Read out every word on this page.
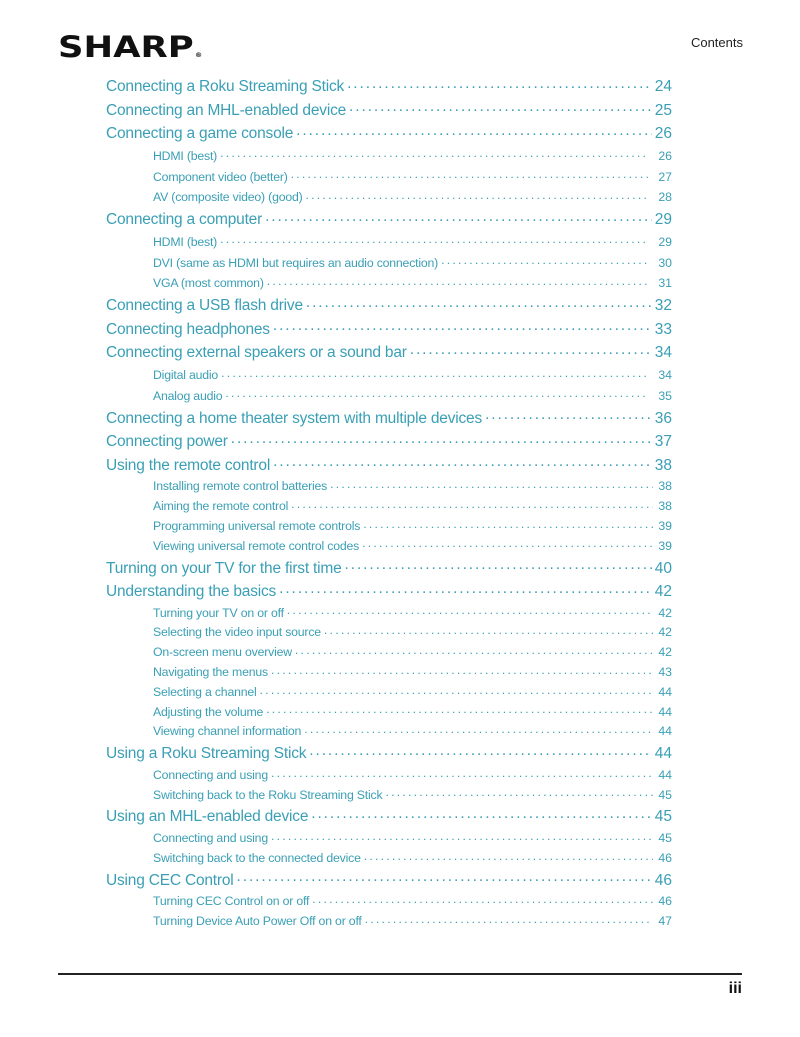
SHARP®
Contents
Connecting a Roku Streaming Stick . . .	24
Connecting an MHL-enabled device . . .	25
Connecting a game console . . .	26
HDMI (best) . . .	26
Component video (better) . . .	27
AV (composite video) (good) . . .	28
Connecting a computer . . .	29
HDMI (best) . . .	29
DVI (same as HDMI but requires an audio connection) . . .	30
VGA (most common) . . .	31
Connecting a USB flash drive . . .	32
Connecting headphones . . .	33
Connecting external speakers or a sound bar . . .	34
Digital audio . . .	34
Analog audio . . .	35
Connecting a home theater system with multiple devices . . .	36
Connecting power . . .	37
Using the remote control . . .	38
Installing remote control batteries . . .	38
Aiming the remote control . . .	38
Programming universal remote controls . . .	39
Viewing universal remote control codes . . .	39
Turning on your TV for the first time . . .	40
Understanding the basics . . .	42
Turning your TV on or off . . .	42
Selecting the video input source . . .	42
On-screen menu overview . . .	42
Navigating the menus . . .	43
Selecting a channel . . .	44
Adjusting the volume . . .	44
Viewing channel information . . .	44
Using a Roku Streaming Stick . . .	44
Connecting and using . . .	44
Switching back to the Roku Streaming Stick . . .	45
Using an MHL-enabled device . . .	45
Connecting and using . . .	45
Switching back to the connected device . . .	46
Using CEC Control . . .	46
Turning CEC Control on or off . . .	46
Turning Device Auto Power Off on or off . . .	47
iii
